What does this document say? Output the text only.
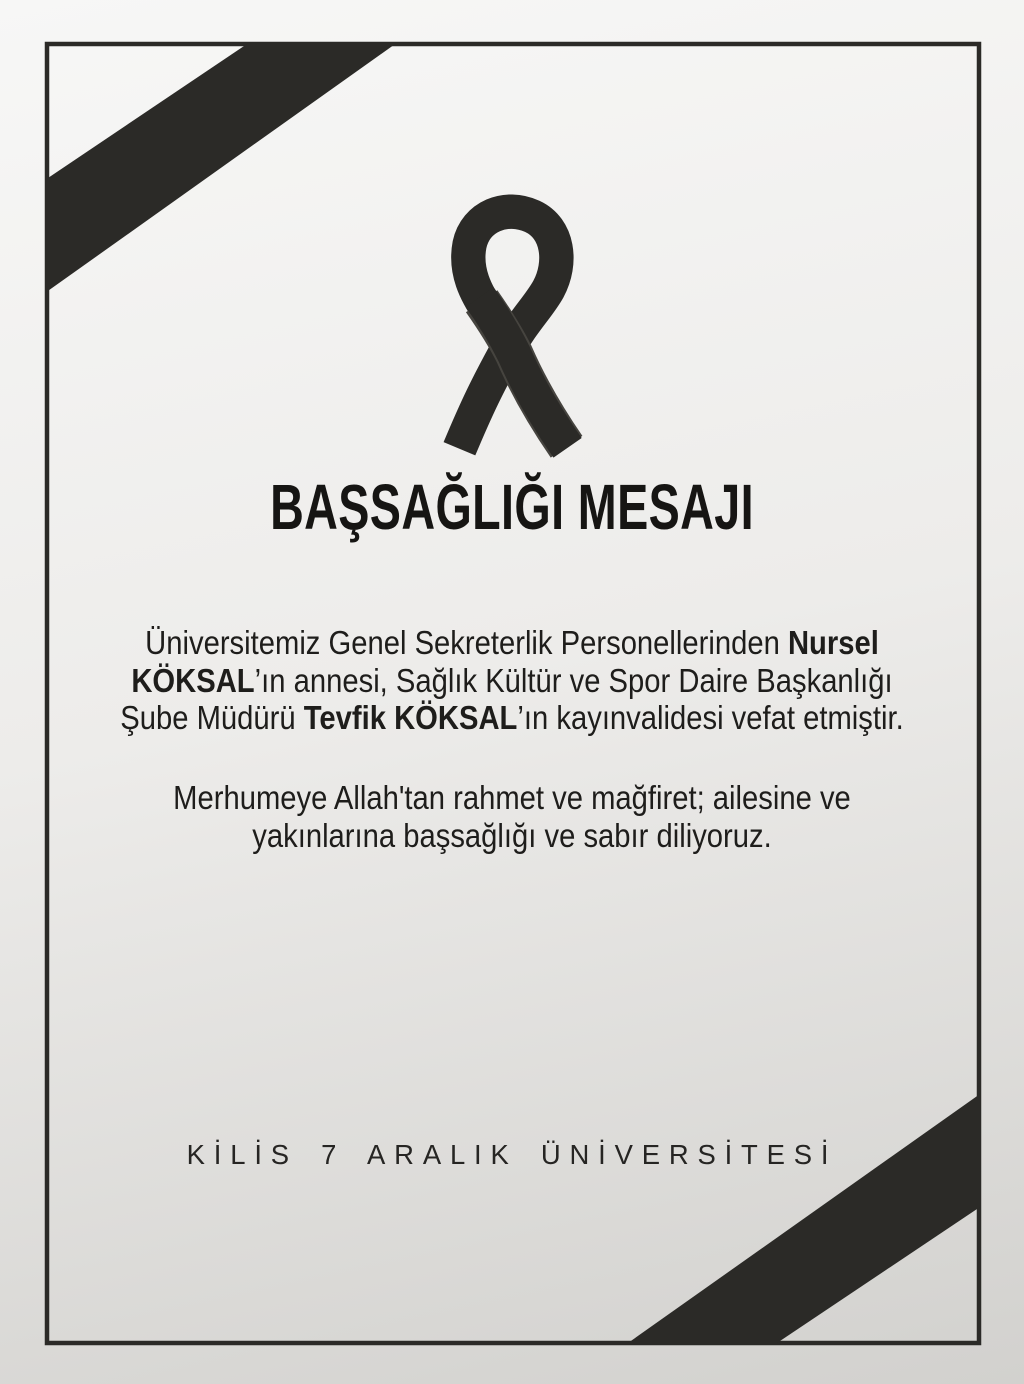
BAŞSAĞLIĞI MESAJI
Üniversitemiz Genel Sekreterlik Personellerinden Nursel
KÖKSAL’ın annesi, Sağlık Kültür ve Spor Daire Başkanlığı
Şube Müdürü Tevfik KÖKSAL’ın kayınvalidesi vefat etmiştir.
Merhumeye Allah'tan rahmet ve mağfiret; ailesine ve
yakınlarına başsağlığı ve sabır diliyoruz.
KİLİS 7 ARALIK ÜNİVERSİTESİ
